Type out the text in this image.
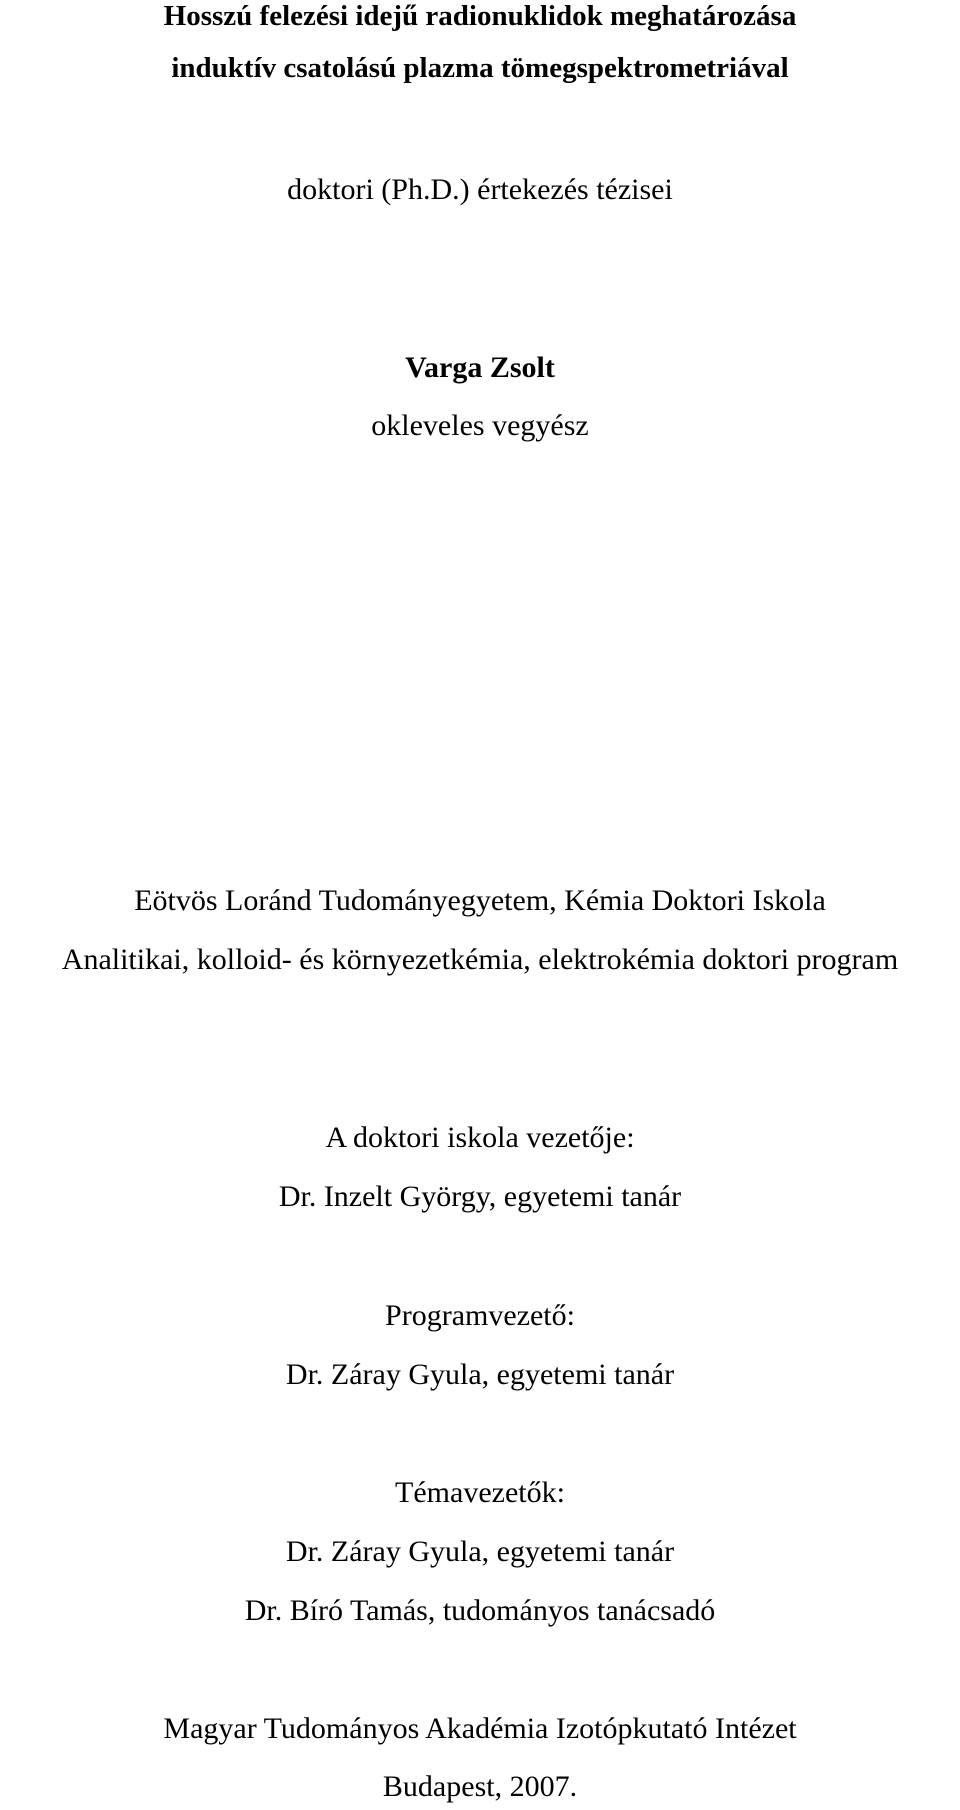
Hosszú felezési idejű radionuklidok meghatározása
induktív csatolású plazma tömegspektrometriával
doktori (Ph.D.) értekezés tézisei
Varga Zsolt
okleveles vegyész
Eötvös Loránd Tudományegyetem, Kémia Doktori Iskola
Analitikai, kolloid- és környezetkémia, elektrokémia doktori program
A doktori iskola vezetője:
Dr. Inzelt György, egyetemi tanár
Programvezető:
Dr. Záray Gyula, egyetemi tanár
Témavezetők:
Dr. Záray Gyula, egyetemi tanár
Dr. Bíró Tamás, tudományos tanácsadó
Magyar Tudományos Akadémia Izotópkutató Intézet
Budapest, 2007.
